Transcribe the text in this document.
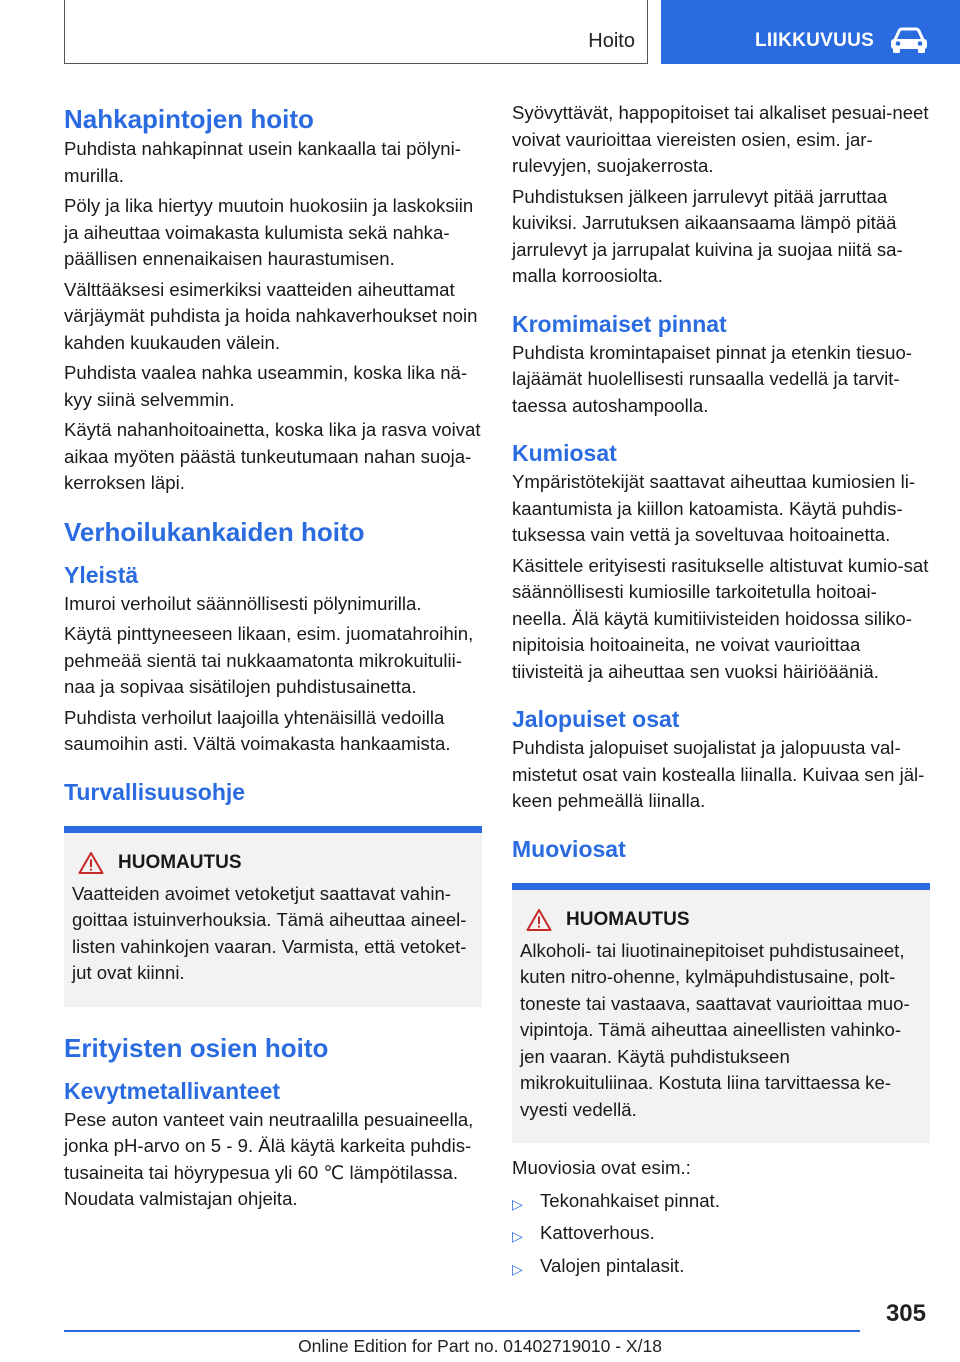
Hoito	LIIKKUVUUS
Nahkapintojen hoito

Puhdista nahkapinnat usein kankaalla tai pölyni-murilla.

Pöly ja lika hiertyy muutoin huokosiin ja laskoksiin ja aiheuttaa voimakasta kulumista sekä nahka-päällisen ennenaikaisen haurastumisen.

Välttääksesi esimerkiksi vaatteiden aiheuttamat värjäymät puhdista ja hoida nahkaverhoukset noin kahden kuukauden välein.

Puhdista vaalea nahka useammin, koska lika nä-kyy siinä selvemmin.

Käytä nahanhoitoainetta, koska lika ja rasva voivat aikaa myöten päästä tunkeutumaan nahan suoja-kerroksen läpi.

Verhoilukankaiden hoito
Yleistä

Imuroi verhoilut säännöllisesti pölynimurilla.

Käytä pinttyneeseen likaan, esim. juomatahroihin, pehmeää sientä tai nukkaamatonta mikrokuitulii-naa ja sopivaa sisätilojen puhdistusainetta.

Puhdista verhoilut laajoilla yhtenäisillä vedoilla saumoihin asti. Vältä voimakasta hankaamista.

Turvallisuusohje
HUOMAUTUS

Vaatteiden avoimet vetoketjut saattavat vahin-goittaa istuinverhouksia. Tämä aiheuttaa aineel-listen vahinkojen vaaran. Varmista, että vetoket-jut ovat kiinni.

Erityisten osien hoito
Kevytmetallivanteet

Pese auton vanteet vain neutraalilla pesuaineella, jonka pH-arvo on 5 - 9. Älä käytä karkeita puhdis-tusaineita tai höyrypesua yli 60 ℃ lämpötilassa. Noudata valmistajan ohjeita.

Syövyttävät, happopitoiset tai alkaliset pesuai-neet voivat vaurioittaa viereisten osien, esim. jar-rulevyjen, suojakerrosta.

Puhdistuksen jälkeen jarrulevyt pitää jarruttaa kuiviksi. Jarrutuksen aikaansaama lämpö pitää jarrulevyt ja jarrupalat kuivina ja suojaa niitä sa-malla korroosiolta.

Kromimaiset pinnat

Puhdista kromintapaiset pinnat ja etenkin tiesuo-lajäämät huolellisesti runsaalla vedellä ja tarvit-taessa autoshampoolla.

Kumiosat

Ympäristötekijät saattavat aiheuttaa kumiosien li-kaantumista ja kiillon katoamista. Käytä puhdis-tuksessa vain vettä ja soveltuvaa hoitoainetta.

Käsittele erityisesti rasitukselle altistuvat kumio-sat säännöllisesti kumiosille tarkoitetulla hoitoai-neella. Älä käytä kumitiivisteiden hoidossa siliko-nipitoisia hoitoaineita, ne voivat vaurioittaa tiivisteitä ja aiheuttaa sen vuoksi häiriöääniä.

Jalopuiset osat

Puhdista jalopuiset suojalistat ja jalopuusta val-mistetut osat vain kostealla liinalla. Kuivaa sen jäl-keen pehmeällä liinalla.

Muoviosat
HUOMAUTUS

Alkoholi- tai liuotinainepitoiset puhdistusaineet, kuten nitro-ohenne, kylmäpuhdistusaine, polt-toneste tai vastaava, saattavat vaurioittaa muo-vipintoja. Tämä aiheuttaa aineellisten vahinko-jen vaaran. Käytä puhdistukseen mikrokuituliinaa. Kostuta liina tarvittaessa ke-vyesti vedellä.

Muoviosia ovat esim.:

▷ Tekonahkaiset pinnat.
▷ Kattoverhous.
▷ Valojen pintalasit.
305
Online Edition for Part no. 01402719010 - X/18
